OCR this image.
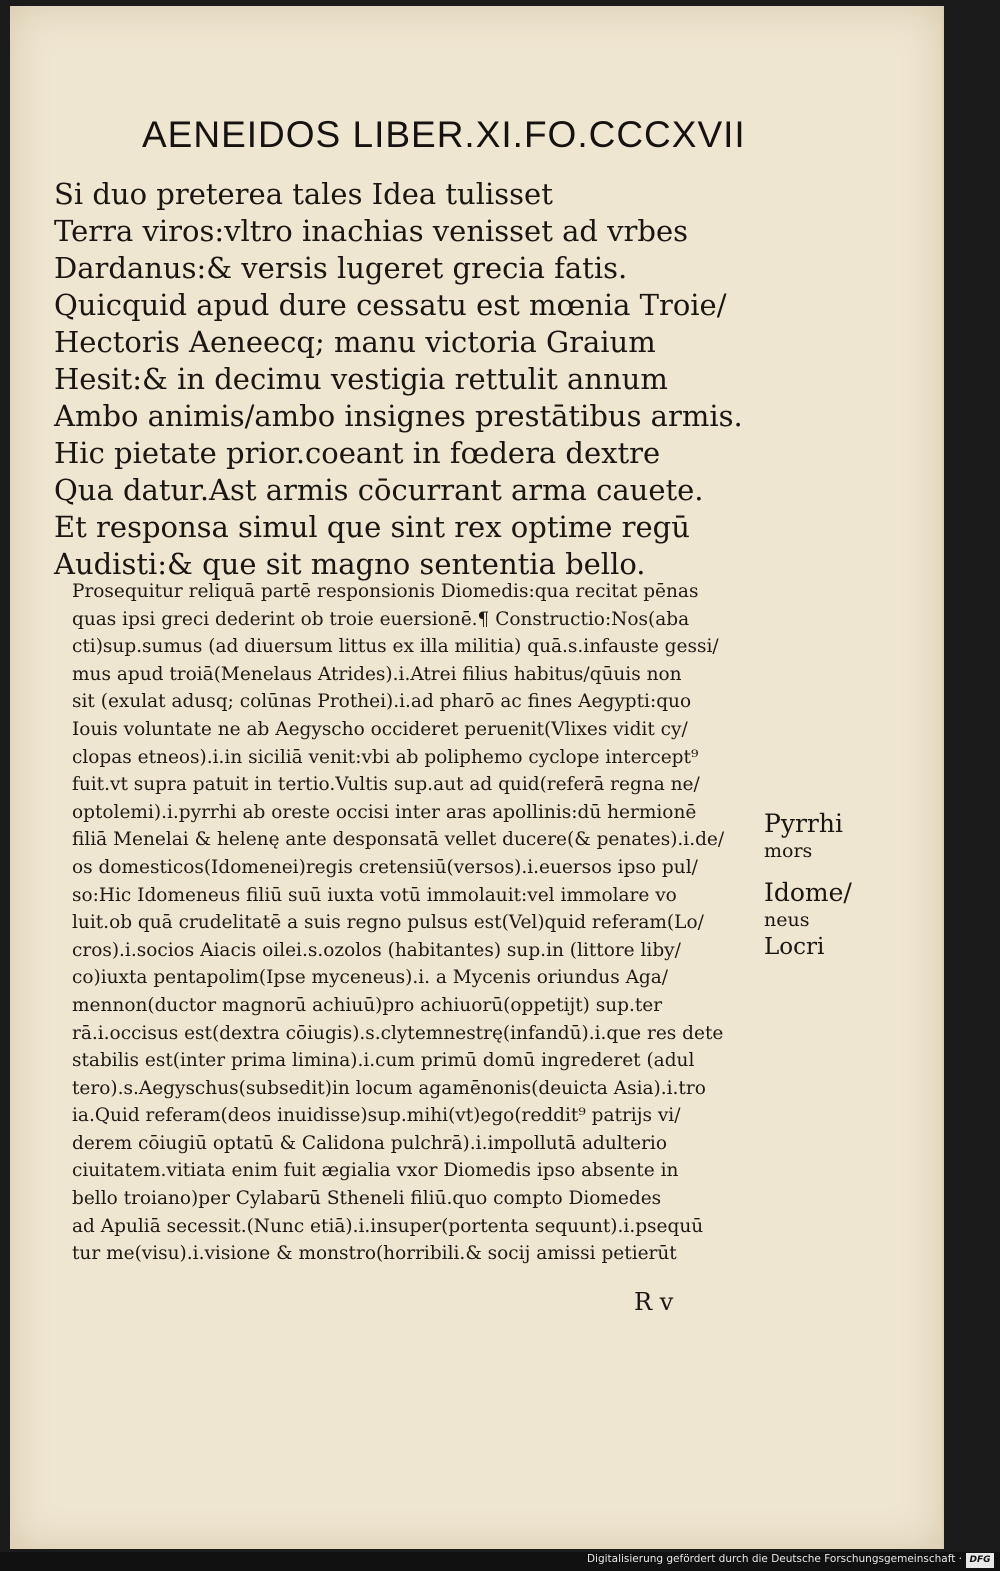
AENEIDOS LIBER.XI.FO.CCCXVII
Si duo preterea tales Idea tulisset
Terra viros:vltro inachias venisset ad vrbes
Dardanus:& versis lugeret grecia fatis.
Quicquid apud dure cessatu est mœnia Troie/
Hectoris Aeneecq; manu victoria Graium
Hesit:& in decimu vestigia rettulit annum
Ambo animis/ambo insignes prestātibus armis.
Hic pietate prior.coeant in fœdera dextre
Qua datur.Ast armis cōcurrant arma cauete.
Et responsa simul que sint rex optime regū
Audisti:& que sit magno sententia bello.
Prosequitur reliquā partē responsionis Diomedis:qua recitat pēnas
quas ipsi greci dederint ob troie euersionē.¶ Constructio:Nos(aba
cti)sup.sumus (ad diuersum littus ex illa militia) quā.s.infauste gessi/
mus apud troiā(Menelaus Atrides).i.Atrei filius habitus/qūuis non
sit (exulat adusq; colūnas Prothei).i.ad pharō ac fines Aegypti:quo
Iouis voluntate ne ab Aegyscho occideret peruenit(Vlixes vidit cy/
clopas etneos).i.in siciliā venit:vbi ab poliphemo cyclope intercept⁹
fuit.vt supra patuit in tertio.Vultis sup.aut ad quid(referā regna ne/
optolemi).i.pyrrhi ab oreste occisi inter aras apollinis:dū hermionē
filiā Menelai & helenę ante desponsatā vellet ducere(& penates).i.de/
os domesticos(Idomenei)regis cretensiū(versos).i.euersos ipso pul/
so:Hic Idomeneus filiū suū iuxta votū immolauit:vel immolare vo
luit.ob quā crudelitatē a suis regno pulsus est(Vel)quid referam(Lo/
cros).i.socios Aiacis oilei.s.ozolos (habitantes) sup.in (littore liby/
co)iuxta pentapolim(Ipse myceneus).i. a Mycenis oriundus Aga/
mennon(ductor magnorū achiuū)pro achiuorū(oppetijt) sup.ter
rā.i.occisus est(dextra cōiugis).s.clytemnestrę(infandū).i.que res dete
stabilis est(inter prima limina).i.cum primū domū ingrederet (adul
tero).s.Aegyschus(subsedit)in locum agamēnonis(deuicta Asia).i.tro
ia.Quid referam(deos inuidisse)sup.mihi(vt)ego(reddit⁹ patrijs vi/
derem cōiugiū optatū & Calidona pulchrā).i.impollutā adulterio
ciuitatem.vitiata enim fuit ægialia vxor Diomedis ipso absente in
bello troiano)per Cylabarū Stheneli filiū.quo compto Diomedes
ad Apuliā secessit.(Nunc etiā).i.insuper(portenta sequunt).i.psequū
tur me(visu).i.visione & monstro(horribili.& socij amissi petierūt
Pyrrhi
mors
Idome/
neus
Locri
R v
Digitalisierung gefördert durch die Deutsche Forschungsgemeinschaft · DFG
